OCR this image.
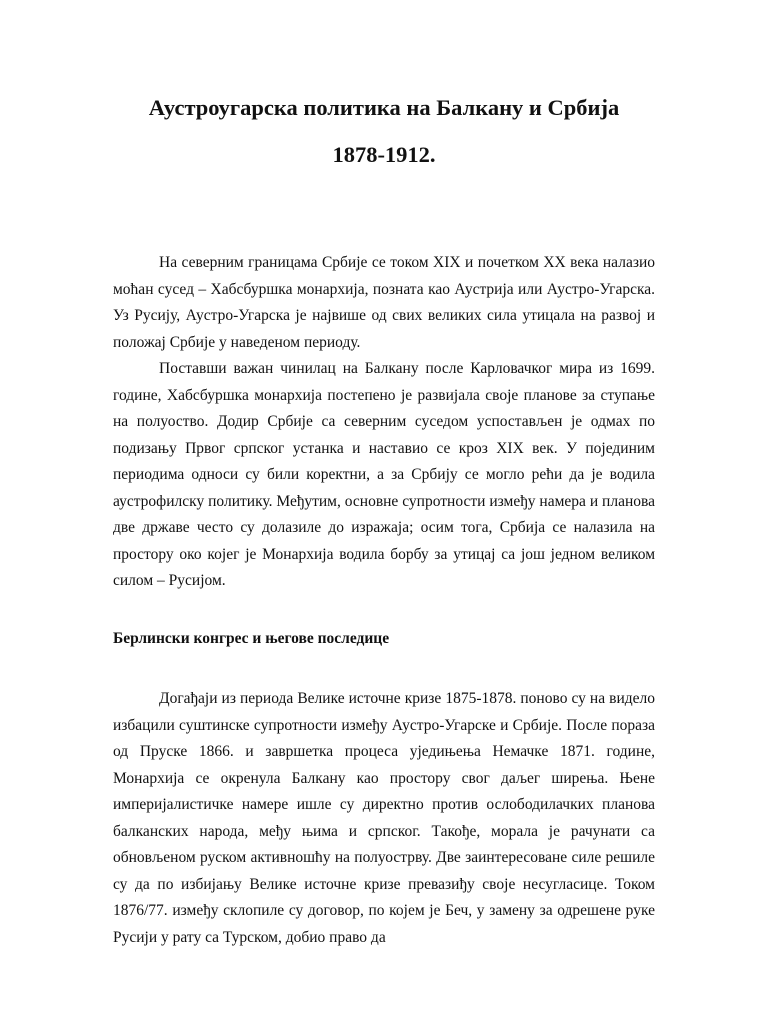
Аустроугарска политика на Балкану и Србија
1878-1912.

На северним границама Србије се током XIX и почетком XX века налазио моћан сусед – Хабсбуршка монархија, позната као Аустрија или Аустро-Угарска. Уз Русију, Аустро-Угарска је највише од свих великих сила утицала на развој и положај Србије у наведеном периоду.

Поставши важан чинилац на Балкану после Карловачког мира из 1699. године, Хабсбуршка монархија постепено је развијала своје планове за ступање на полуоство. Додир Србије са северним суседом успостављен је одмах по подизању Првог српског устанка и наставио се кроз XIX век. У појединим периодима односи су били коректни, а за Србију се могло рећи да је водила аустрофилску политику. Међутим, основне супротности између намера и планова две државе често су долазиле до изражаја; осим тога, Србија се налазила на простору око којег је Монархија водила борбу за утицај са још једном великом силом – Русијом.

Берлински конгрес и његове последице

Догађаји из периода Велике источне кризе 1875-1878. поново су на видело избацили суштинске супротности између Аустро-Угарске и Србије. После пораза од Пруске 1866. и завршетка процеса уједињења Немачке 1871. године, Монархија се окренула Балкану као простору свог даљег ширења. Њене империјалистичке намере ишле су директно против ослободилачких планова балканских народа, међу њима и српског. Такође, морала је рачунати са обновљеном руском активношћу на полуострву. Две заинтересоване силе решиле су да по избијању Велике источне кризе превазиђу своје несугласице. Током 1876/77. између склопиле су договор, по којем је Беч, у замену за одрешене руке Русији у рату са Турском, добио право да
